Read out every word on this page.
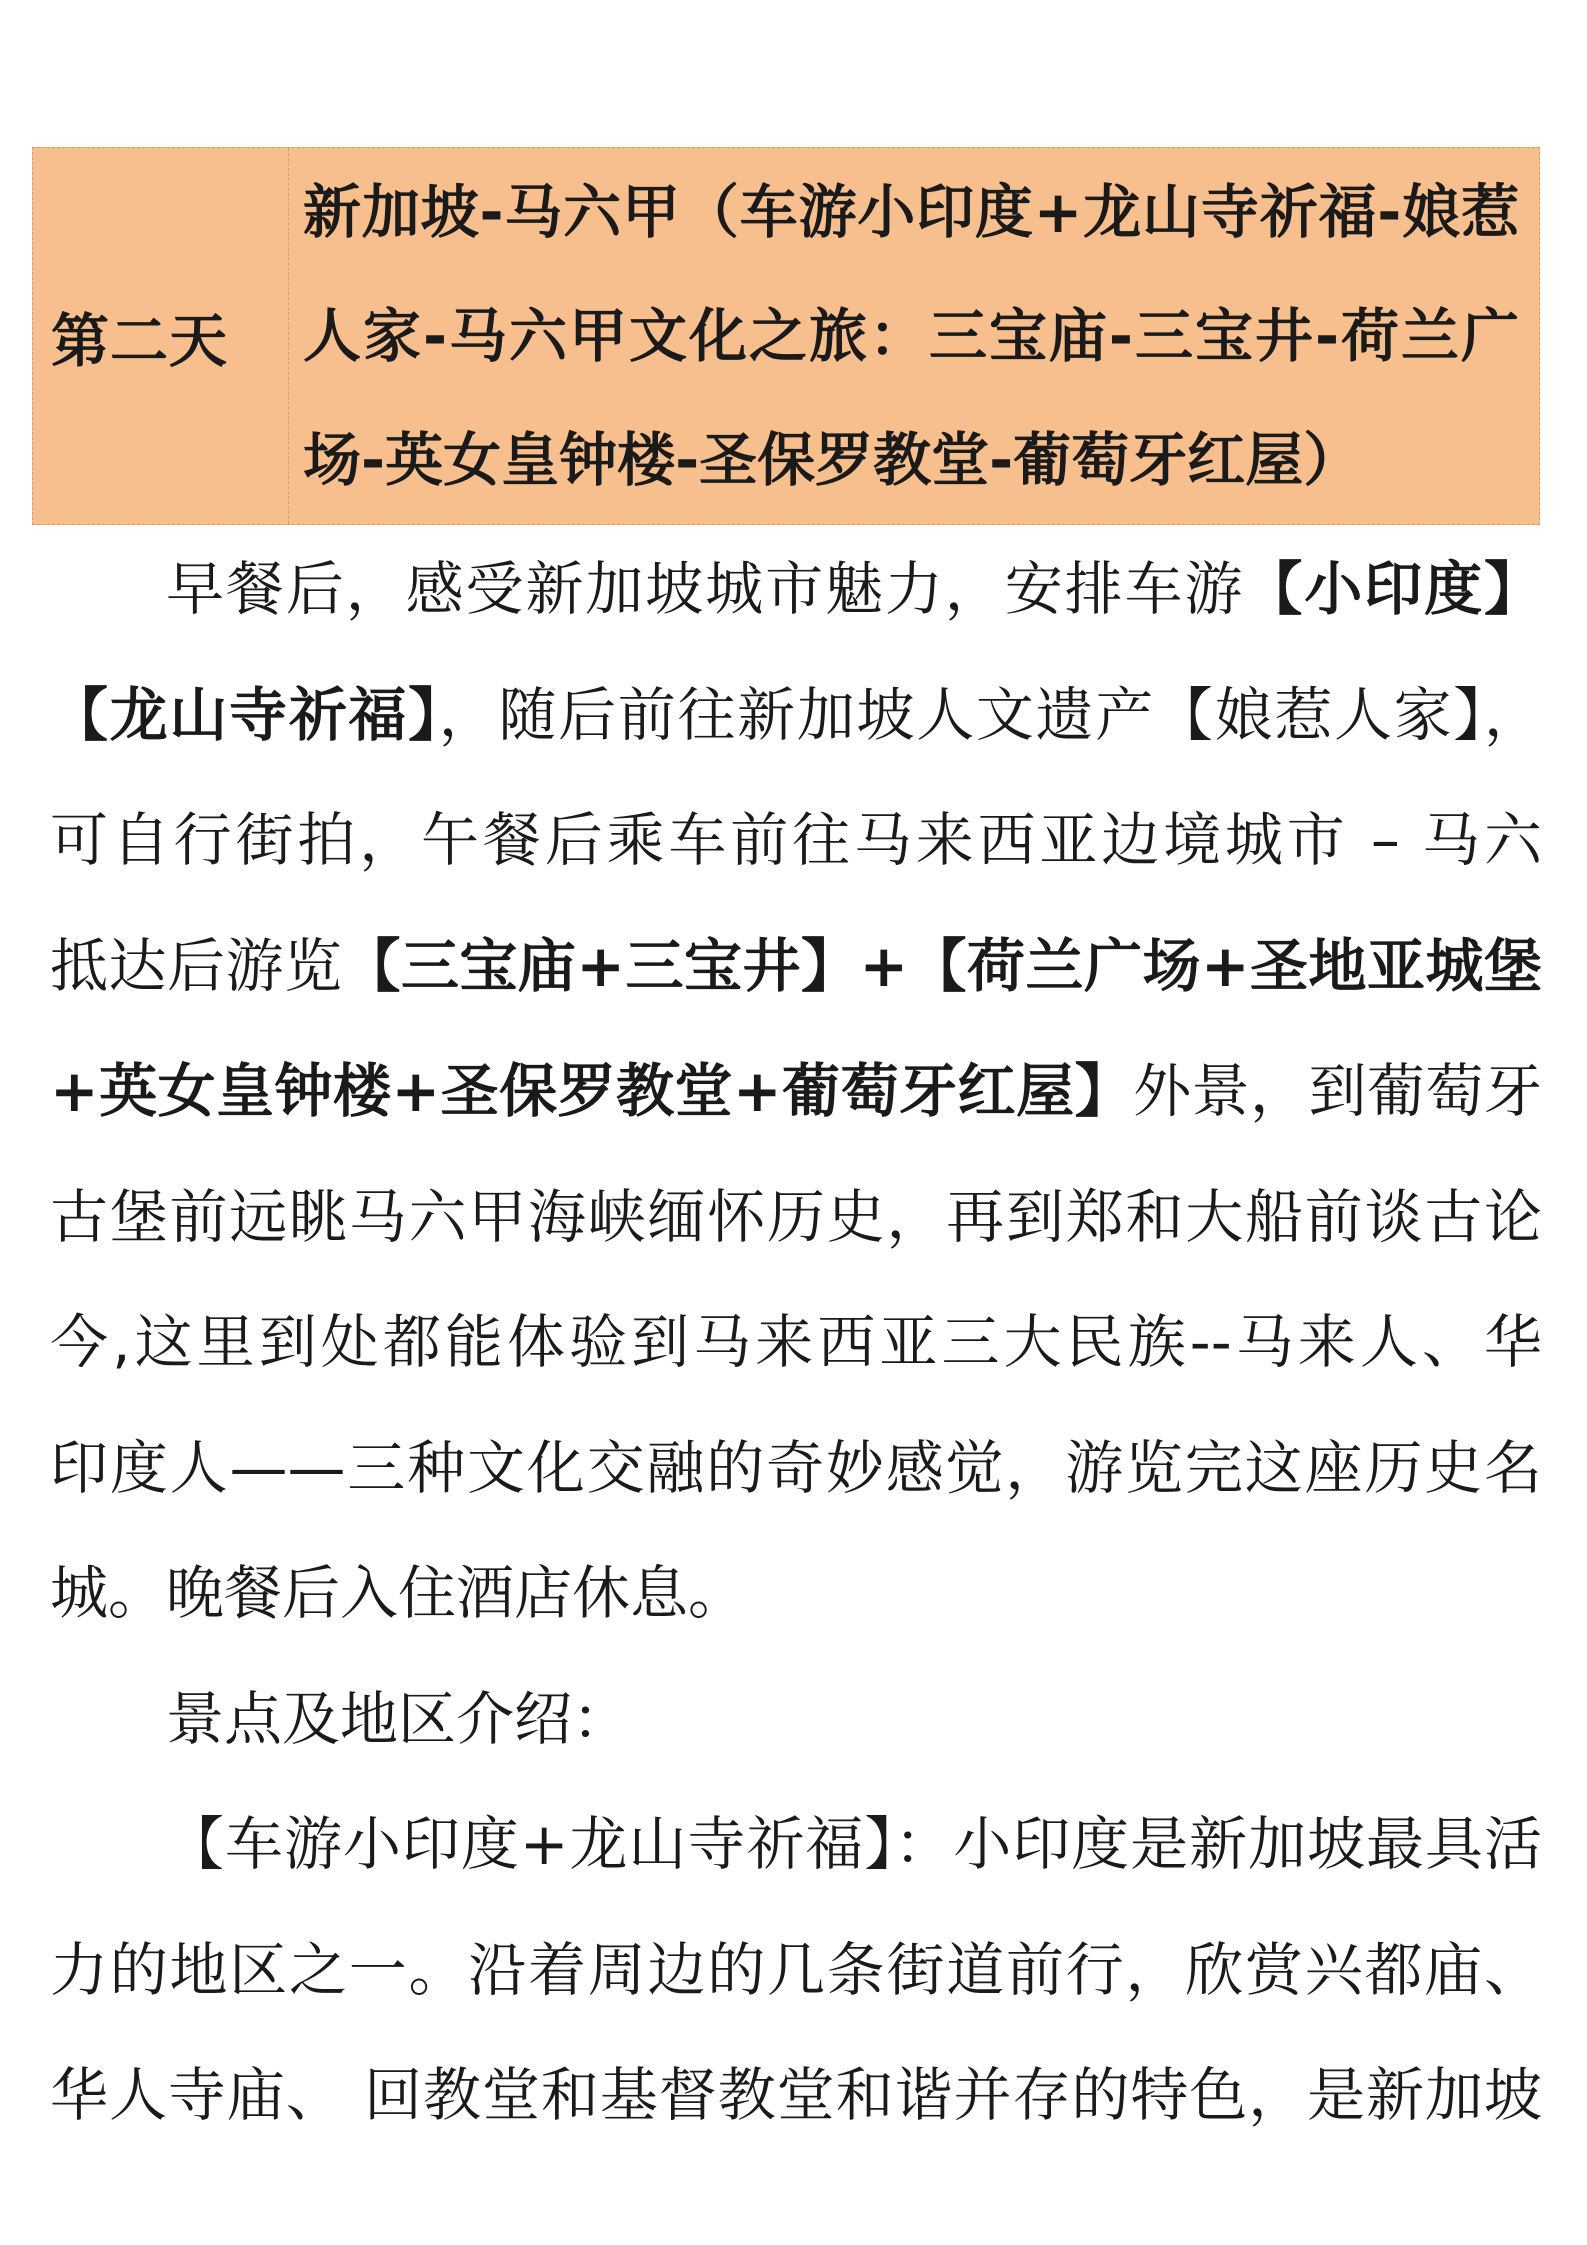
第二天
新加坡-马六甲（车游小印度+龙山寺祈福-娘惹
人家-马六甲文化之旅：三宝庙-三宝井-荷兰广
场-英女皇钟楼-圣保罗教堂-葡萄牙红屋）
早餐后，感受新加坡城市魅力，安排车游【小印度】
【龙山寺祈福】，随后前往新加坡人文遗产【娘惹人家】，
可自行街拍，午餐后乘车前往马来西亚边境城市 – 马六
抵达后游览【三宝庙+三宝井】+【荷兰广场+圣地亚城堡
+英女皇钟楼+圣保罗教堂+葡萄牙红屋】外景，到葡萄牙
古堡前远眺马六甲海峡缅怀历史，再到郑和大船前谈古论
今,这里到处都能体验到马来西亚三大民族--马来人、华
印度人——三种文化交融的奇妙感觉，游览完这座历史名
城。晚餐后入住酒店休息。
景点及地区介绍：
【车游小印度+龙山寺祈福】：小印度是新加坡最具活
力的地区之一。沿着周边的几条街道前行，欣赏兴都庙、
华人寺庙、 回教堂和基督教堂和谐并存的特色，是新加坡
